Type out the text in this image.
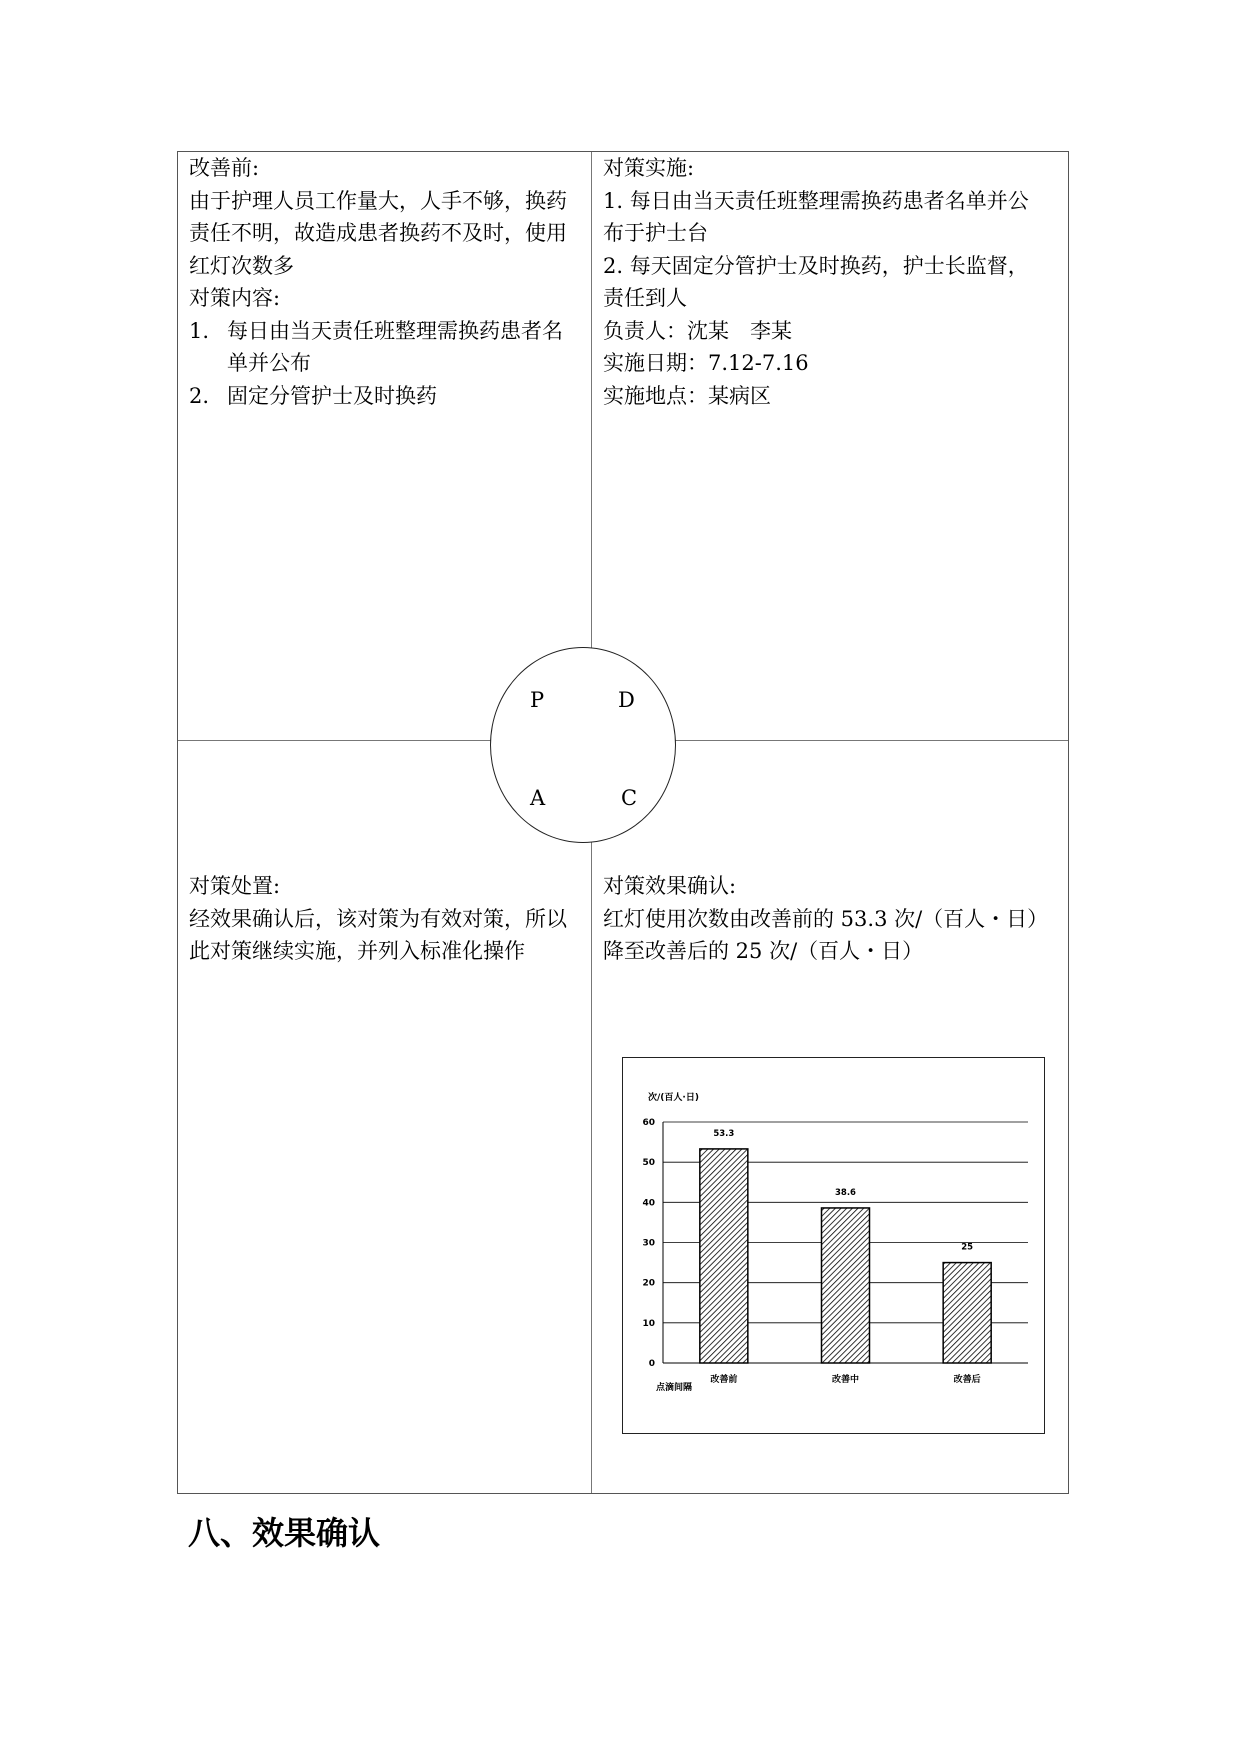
改善前:

由于护理人员工作量大，人手不够，换药

责任不明，故造成患者换药不及时，使用

红灯次数多

对策内容:

1. 每日由当天责任班整理需换药患者名
单并公布
2. 固定分管护士及时换药

对策实施:

1. 每日由当天责任班整理需换药患者名单并公

布于护士台

2. 每天固定分管护士及时换药，护士长监督，

责任到人

负责人：沈某　李某

实施日期：7.12-7.16

实施地点：某病区

对策处置:

经效果确认后，该对策为有效对策，所以

此对策继续实施，并列入标准化操作

对策效果确认:

红灯使用次数由改善前的 53.3 次/（百人・日）

降至改善后的 25 次/（百人・日）

P	D
A	C
次/(百人·日)
点滴间隔
0
10
20
30
40
50
60
53.3
改善前
38.6
改善中
25
改善后
八、效果确认
